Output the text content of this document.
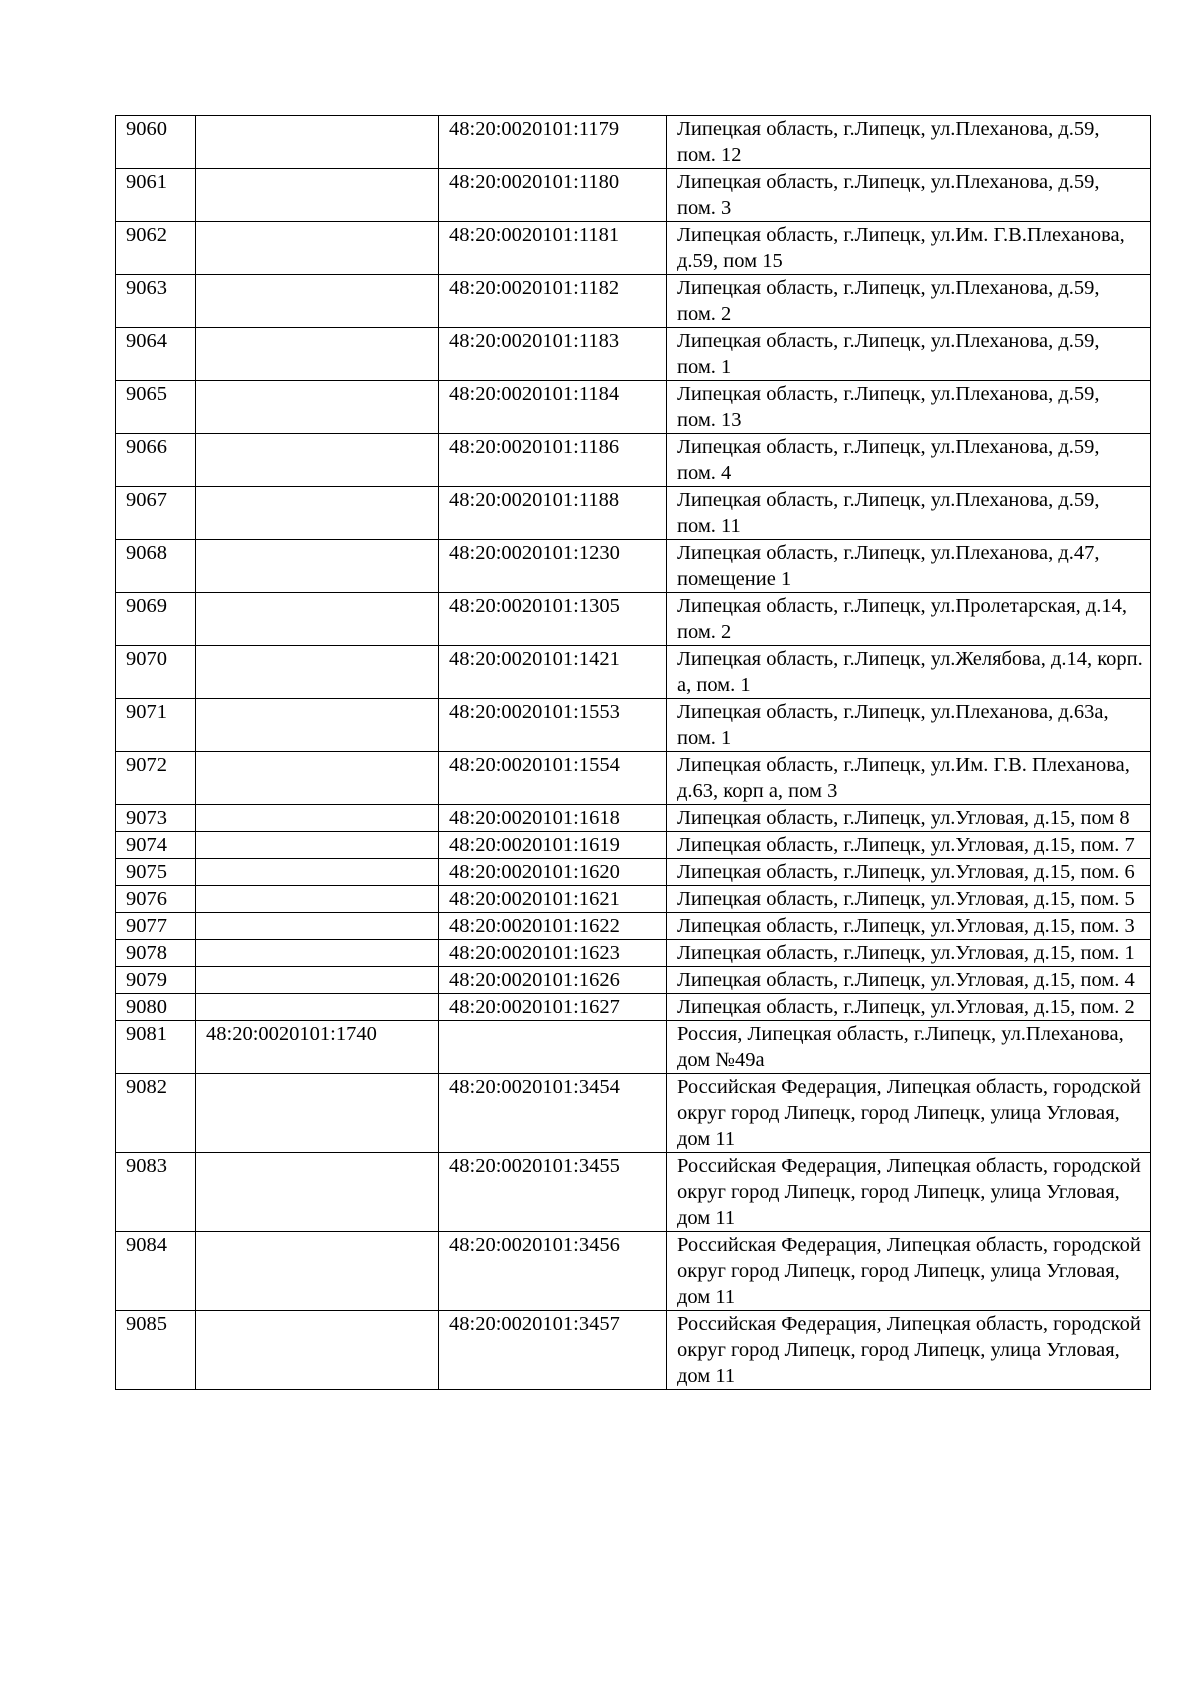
9060		48:20:0020101:1179	Липецкая область, г.Липецк, ул.Плеханова, д.59, пом. 12
9061		48:20:0020101:1180	Липецкая область, г.Липецк, ул.Плеханова, д.59, пом. 3
9062		48:20:0020101:1181	Липецкая область, г.Липецк, ул.Им. Г.В.Плеханова, д.59, пом 15
9063		48:20:0020101:1182	Липецкая область, г.Липецк, ул.Плеханова, д.59, пом. 2
9064		48:20:0020101:1183	Липецкая область, г.Липецк, ул.Плеханова, д.59, пом. 1
9065		48:20:0020101:1184	Липецкая область, г.Липецк, ул.Плеханова, д.59, пом. 13
9066		48:20:0020101:1186	Липецкая область, г.Липецк, ул.Плеханова, д.59, пом. 4
9067		48:20:0020101:1188	Липецкая область, г.Липецк, ул.Плеханова, д.59, пом. 11
9068		48:20:0020101:1230	Липецкая область, г.Липецк, ул.Плеханова, д.47, помещение 1
9069		48:20:0020101:1305	Липецкая область, г.Липецк, ул.Пролетарская, д.14, пом. 2
9070		48:20:0020101:1421	Липецкая область, г.Липецк, ул.Желябова, д.14, корп. а, пом. 1
9071		48:20:0020101:1553	Липецкая область, г.Липецк, ул.Плеханова, д.63а, пом. 1
9072		48:20:0020101:1554	Липецкая область, г.Липецк, ул.Им. Г.В. Плеханова, д.63, корп а, пом 3
9073		48:20:0020101:1618	Липецкая область, г.Липецк, ул.Угловая, д.15, пом 8
9074		48:20:0020101:1619	Липецкая область, г.Липецк, ул.Угловая, д.15, пом. 7
9075		48:20:0020101:1620	Липецкая область, г.Липецк, ул.Угловая, д.15, пом. 6
9076		48:20:0020101:1621	Липецкая область, г.Липецк, ул.Угловая, д.15, пом. 5
9077		48:20:0020101:1622	Липецкая область, г.Липецк, ул.Угловая, д.15, пом. 3
9078		48:20:0020101:1623	Липецкая область, г.Липецк, ул.Угловая, д.15, пом. 1
9079		48:20:0020101:1626	Липецкая область, г.Липецк, ул.Угловая, д.15, пом. 4
9080		48:20:0020101:1627	Липецкая область, г.Липецк, ул.Угловая, д.15, пом. 2
9081	48:20:0020101:1740		Россия, Липецкая область, г.Липецк, ул.Плеханова, дом №49а
9082		48:20:0020101:3454	Российская Федерация, Липецкая область, городской округ город Липецк, город Липецк, улица Угловая, дом 11
9083		48:20:0020101:3455	Российская Федерация, Липецкая область, городской округ город Липецк, город Липецк, улица Угловая, дом 11
9084		48:20:0020101:3456	Российская Федерация, Липецкая область, городской округ город Липецк, город Липецк, улица Угловая, дом 11
9085		48:20:0020101:3457	Российская Федерация, Липецкая область, городской округ город Липецк, город Липецк, улица Угловая, дом 11
